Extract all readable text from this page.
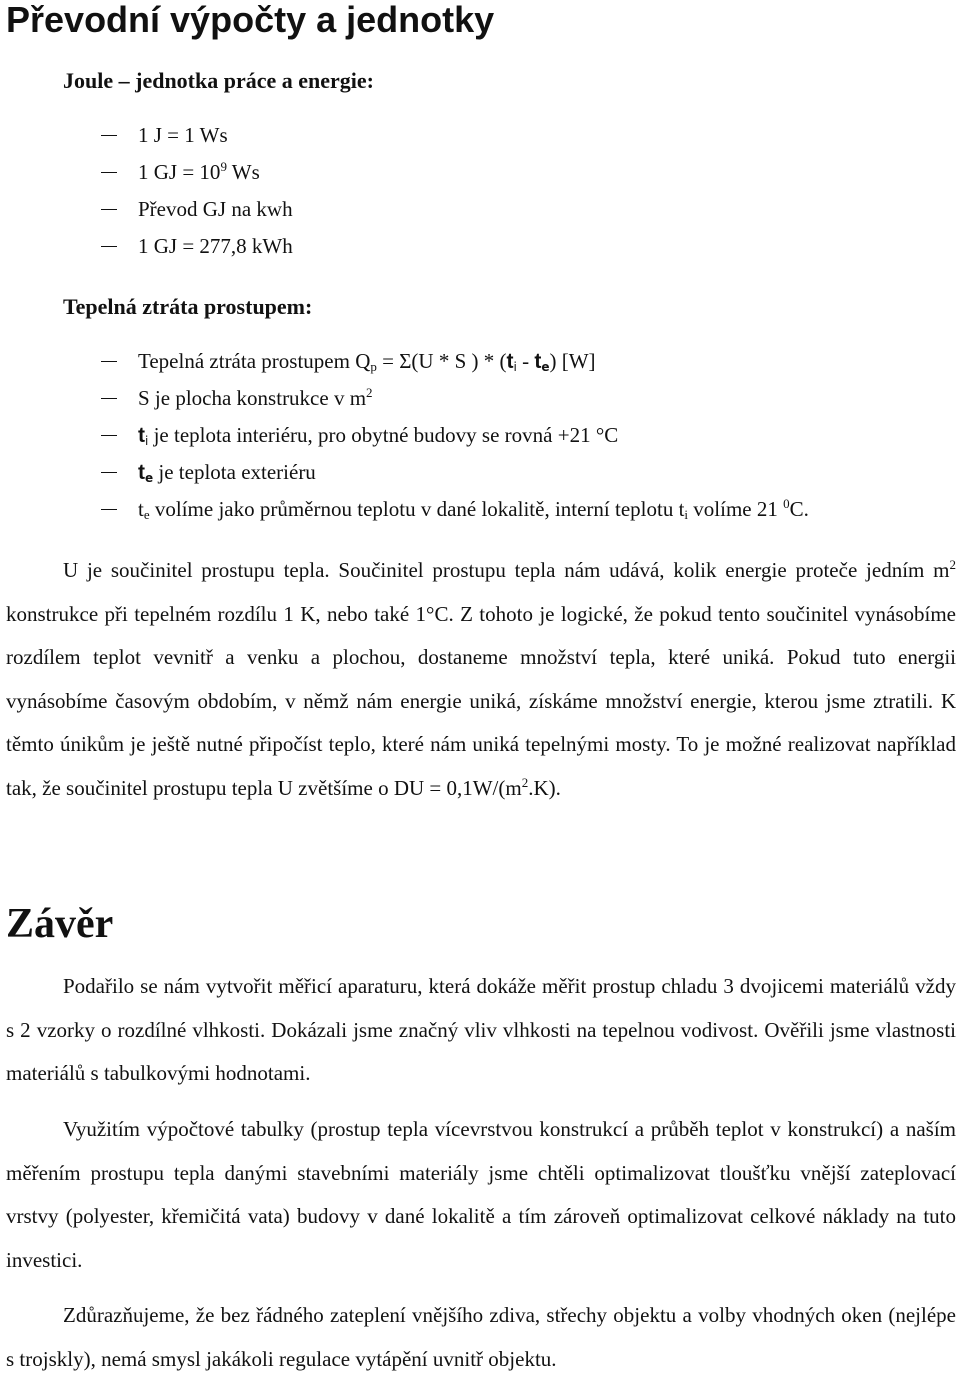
Převodní výpočty a jednotky
Joule – jednotka práce a energie:
1 J = 1 Ws
1 GJ = $10^9$ Ws
Převod GJ na kwh
1 GJ = 277,8 kWh
Tepelná ztráta prostupem:
Tepelná ztráta prostupem $Q_p = \Sigma(U * S$ ) * $(t_i - t_e)$ [W]
S je plocha konstrukce v $m^2$
$t_i$ je teplota interiéru, pro obytné budovy se rovná +21 °C
$t_e$ je teplota exteriéru
$t_e$ volíme jako průměrnou teplotu v dané lokalitě, interní teplotu $t_i$ volíme 21 $^0$C.

U je součinitel prostupu tepla. Součinitel prostupu tepla nám udává, kolik energie proteče jedním $m^2$ konstrukce při tepelném rozdílu 1 K, nebo také 1°C. Z tohoto je logické, že pokud tento součinitel vynásobíme rozdílem teplot vevnitř a venku a plochou, dostaneme množství tepla, které uniká. Pokud tuto energii vynásobíme časovým obdobím, v němž nám energie uniká, získáme množství energie, kterou jsme ztratili. K těmto únikům je ještě nutné připočíst teplo, které nám uniká tepelnými mosty. To je možné realizovat například tak, že součinitel prostupu tepla U zvětšíme o DU = $0,1W/(m^2.K)$.

Závěr

Podařilo se nám vytvořit měřicí aparaturu, která dokáže měřit prostup chladu 3 dvojicemi materiálů vždy s 2 vzorky o rozdílné vlhkosti. Dokázali jsme značný vliv vlhkosti na tepelnou vodivost. Ověřili jsme vlastnosti materiálů s tabulkovými hodnotami.

Využitím výpočtové tabulky (prostup tepla vícevrstvou konstrukcí a průběh teplot v konstrukcí) a naším měřením prostupu tepla danými stavebními materiály jsme chtěli optimalizovat tloušťku vnější zateplovací vrstvy (polyester, křemičitá vata) budovy v dané lokalitě a tím zároveň optimalizovat celkové náklady na tuto investici.

Zdůrazňujeme, že bez řádného zateplení vnějšího zdiva, střechy objektu a volby vhodných oken (nejlépe s trojskly), nemá smysl jakákoli regulace vytápění uvnitř objektu.
